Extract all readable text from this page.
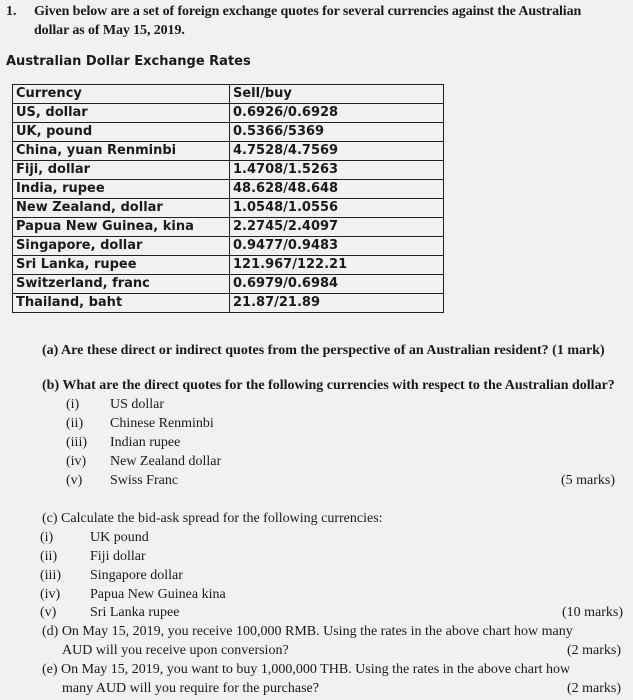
1. Given below are a set of foreign exchange quotes for several currencies against the Australian
dollar as of May 15, 2019.
Australian Dollar Exchange Rates
Currency	Sell/buy
US, dollar	0.6926/0.6928
UK, pound	0.5366/5369
China, yuan Renminbi	4.7528/4.7569
Fiji, dollar	1.4708/1.5263
India, rupee	48.628/48.648
New Zealand, dollar	1.0548/1.0556
Papua New Guinea, kina	2.2745/2.4097
Singapore, dollar	0.9477/0.9483
Sri Lanka, rupee	121.967/122.21
Switzerland, franc	0.6979/0.6984
Thailand, baht	21.87/21.89
(a) Are these direct or indirect quotes from the perspective of an Australian resident? (1 mark)
(b) What are the direct quotes for the following currencies with respect to the Australian dollar?
(i) US dollar
(ii) Chinese Renminbi
(iii) Indian rupee
(iv) New Zealand dollar
(v) Swiss Franc	(5 marks)
(c) Calculate the bid-ask spread for the following currencies:
(i)	UK pound
(ii) Fiji dollar
(iii) Singapore dollar
(iv) Papua New Guinea kina
(v) Sri Lanka rupee	(10 marks)
(d) On May 15, 2019, you receive 100,000 RMB. Using the rates in the above chart how many
AUD will you receive upon conversion?	(2 marks)
(e) On May 15, 2019, you want to buy 1,000,000 THB. Using the rates in the above chart how
many AUD will you require for the purchase?	(2 marks)
